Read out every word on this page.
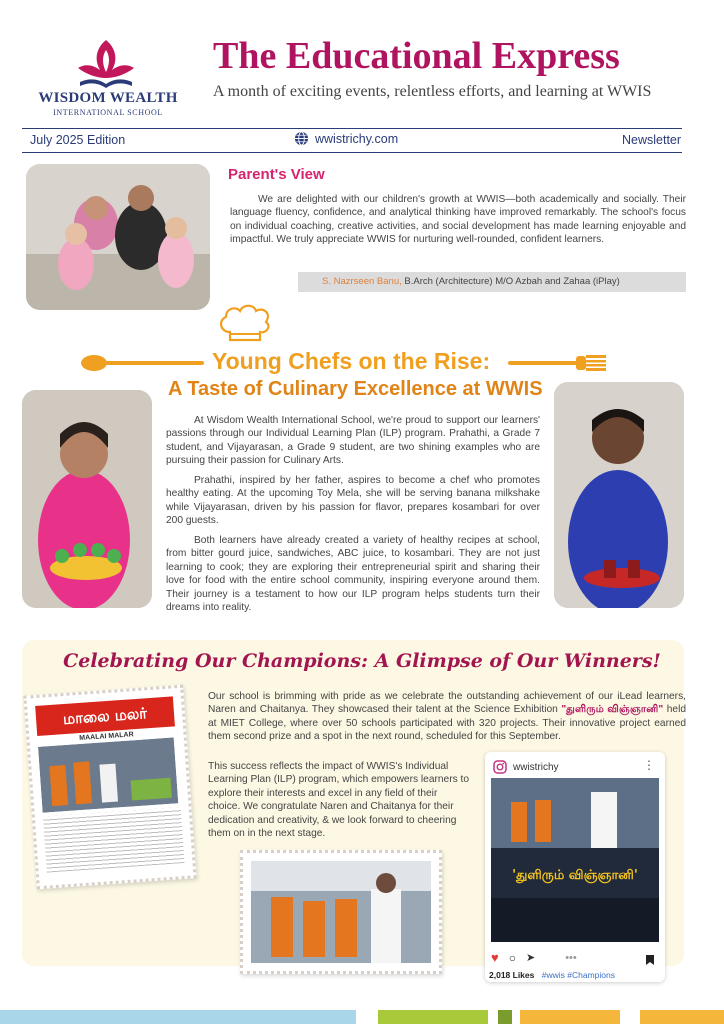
WISDOM WEALTH
INTERNATIONAL SCHOOL
The Educational Express
A month of exciting events, relentless efforts, and learning at WWIS
July 2025 Edition	wwistrichy.com	Newsletter
Parent's View
We are delighted with our children's growth at WWIS—both academically and socially. Their language fluency, confidence, and analytical thinking have improved remarkably. The school's focus on individual coaching, creative activities, and social development has made learning enjoyable and impactful. We truly appreciate WWIS for nurturing well-rounded, confident learners.
S. Nazrseen Banu, B.Arch (Architecture) M/O Azbah and Zahaa (iPlay)
Young Chefs on the Rise:
A Taste of Culinary Excellence at WWIS
At Wisdom Wealth International School, we're proud to support our learners' passions through our Individual Learning Plan (ILP) program. Prahathi, a Grade 7 student, and Vijayarasan, a Grade 9 student, are two shining examples who are pursuing their passion for Culinary Arts.
Prahathi, inspired by her father, aspires to become a chef who promotes healthy eating. At the upcoming Toy Mela, she will be serving banana milkshake while Vijayarasan, driven by his passion for flavor, prepares kosambari for over 200 guests.
Both learners have already created a variety of healthy recipes at school, from bitter gourd juice, sandwiches, ABC juice, to kosambari. They are not just learning to cook; they are exploring their entrepreneurial spirit and sharing their love for food with the entire school community, inspiring everyone around them. Their journey is a testament to how our ILP program helps students turn their dreams into reality.
Celebrating Our Champions: A Glimpse of Our Winners!
Our school is brimming with pride as we celebrate the outstanding achievement of our iLead learners, Naren and Chaitanya. They showcased their talent at the Science Exhibition "துளிரும் விஞ்ஞானி" held at MIET College, where over 50 schools participated with 320 projects. Their innovative project earned them second prize and a spot in the next round, scheduled for this September.
This success reflects the impact of WWIS's Individual Learning Plan (ILP) program, which empowers learners to explore their interests and excel in any field of their choice. We congratulate Naren and Chaitanya for their dedication and creativity, & we look forward to cheering them on in the next stage.
மாலை மலர்
MAALAI MALAR
wwistrichy	⋮
'துளிரும் விஞ்ஞானி'
♥ ○ ➤	•••
2,018 Likes #wwis #Champions
